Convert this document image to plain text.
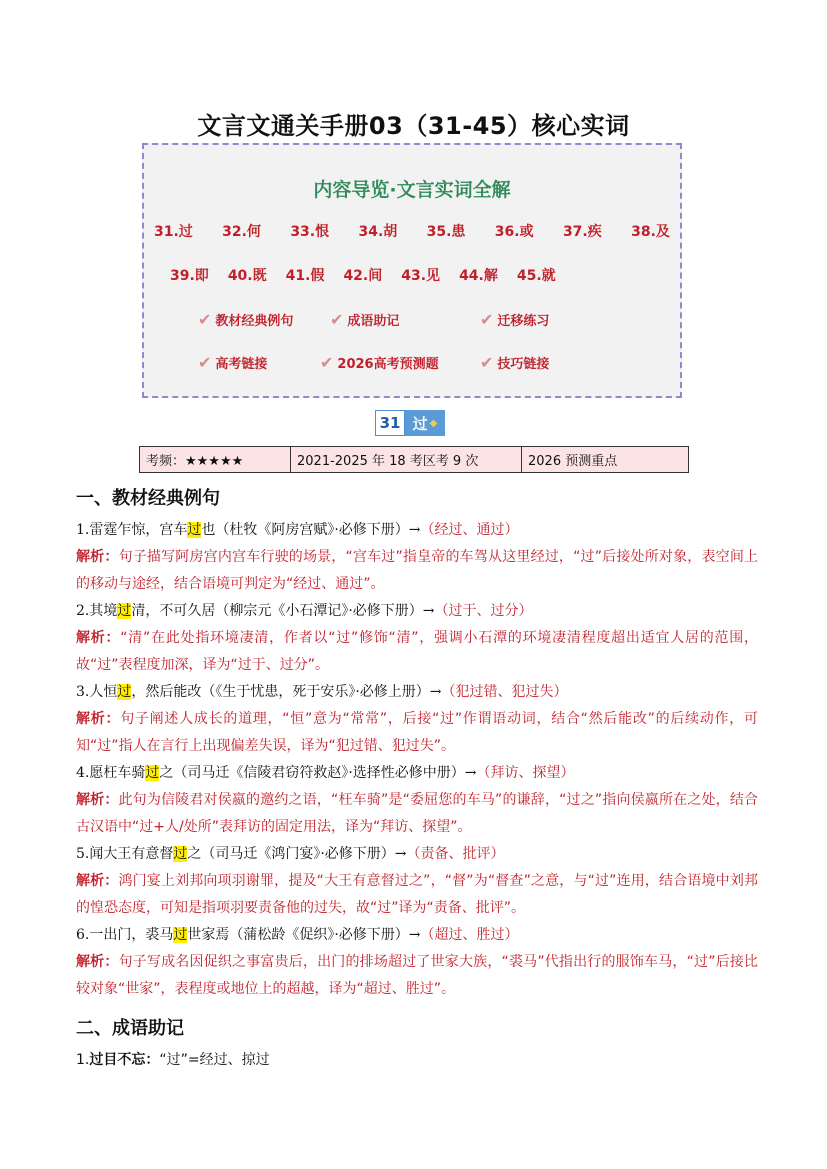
文言文通关手册03（31-45）核心实词
内容导览·文言实词全解
31.过 32.何 33.恨 34.胡 35.患 36.或 37.疾 38.及
39.即 40.既 41.假 42.间 43.见 44.解 45.就
✔ 教材经典例句 ✔ 成语助记	✔ 迁移练习
✔ 高考链接	✔ 2026高考预测题	✔ 技巧链接
31 过 ◆
考频：★★★★★	2021-2025 年 18 考区考 9 次	2026 预测重点
一、教材经典例句
1.雷霆乍惊，宫车过也（杜牧《阿房宫赋》·必修下册）→（经过、通过）
解析：句子描写阿房宫内宫车行驶的场景，“宫车过”指皇帝的车驾从这里经过，“过”后接处所对象，表空间上的移动与途经，结合语境可判定为“经过、通过”。
2.其境过清，不可久居（柳宗元《小石潭记》·必修下册）→（过于、过分）
解析：“清”在此处指环境凄清，作者以“过”修饰“清”，强调小石潭的环境凄清程度超出适宜人居的范围，故“过”表程度加深，译为“过于、过分”。
3.人恒过，然后能改（《生于忧患，死于安乐》·必修上册）→（犯过错、犯过失）
解析：句子阐述人成长的道理，“恒”意为“常常”，后接“过”作谓语动词，结合“然后能改”的后续动作，可知“过”指人在言行上出现偏差失误，译为“犯过错、犯过失”。
4.愿枉车骑过之（司马迁《信陵君窃符救赵》·选择性必修中册）→（拜访、探望）
解析：此句为信陵君对侯嬴的邀约之语，“枉车骑”是“委屈您的车马”的谦辞，“过之”指向侯嬴所在之处，结合古汉语中“过+人/处所”表拜访的固定用法，译为“拜访、探望”。
5.闻大王有意督过之（司马迁《鸿门宴》·必修下册）→（责备、批评）
解析：鸿门宴上刘邦向项羽谢罪，提及“大王有意督过之”，“督”为“督查”之意，与“过”连用，结合语境中刘邦的惶恐态度，可知是指项羽要责备他的过失，故“过”译为“责备、批评”。
6.一出门，裘马过世家焉（蒲松龄《促织》·必修下册）→（超过、胜过）
解析：句子写成名因促织之事富贵后，出门的排场超过了世家大族，“裘马”代指出行的服饰车马，“过”后接比较对象“世家”，表程度或地位上的超越，译为“超过、胜过”。
二、成语助记
1.过目不忘：“过”=经过、掠过
